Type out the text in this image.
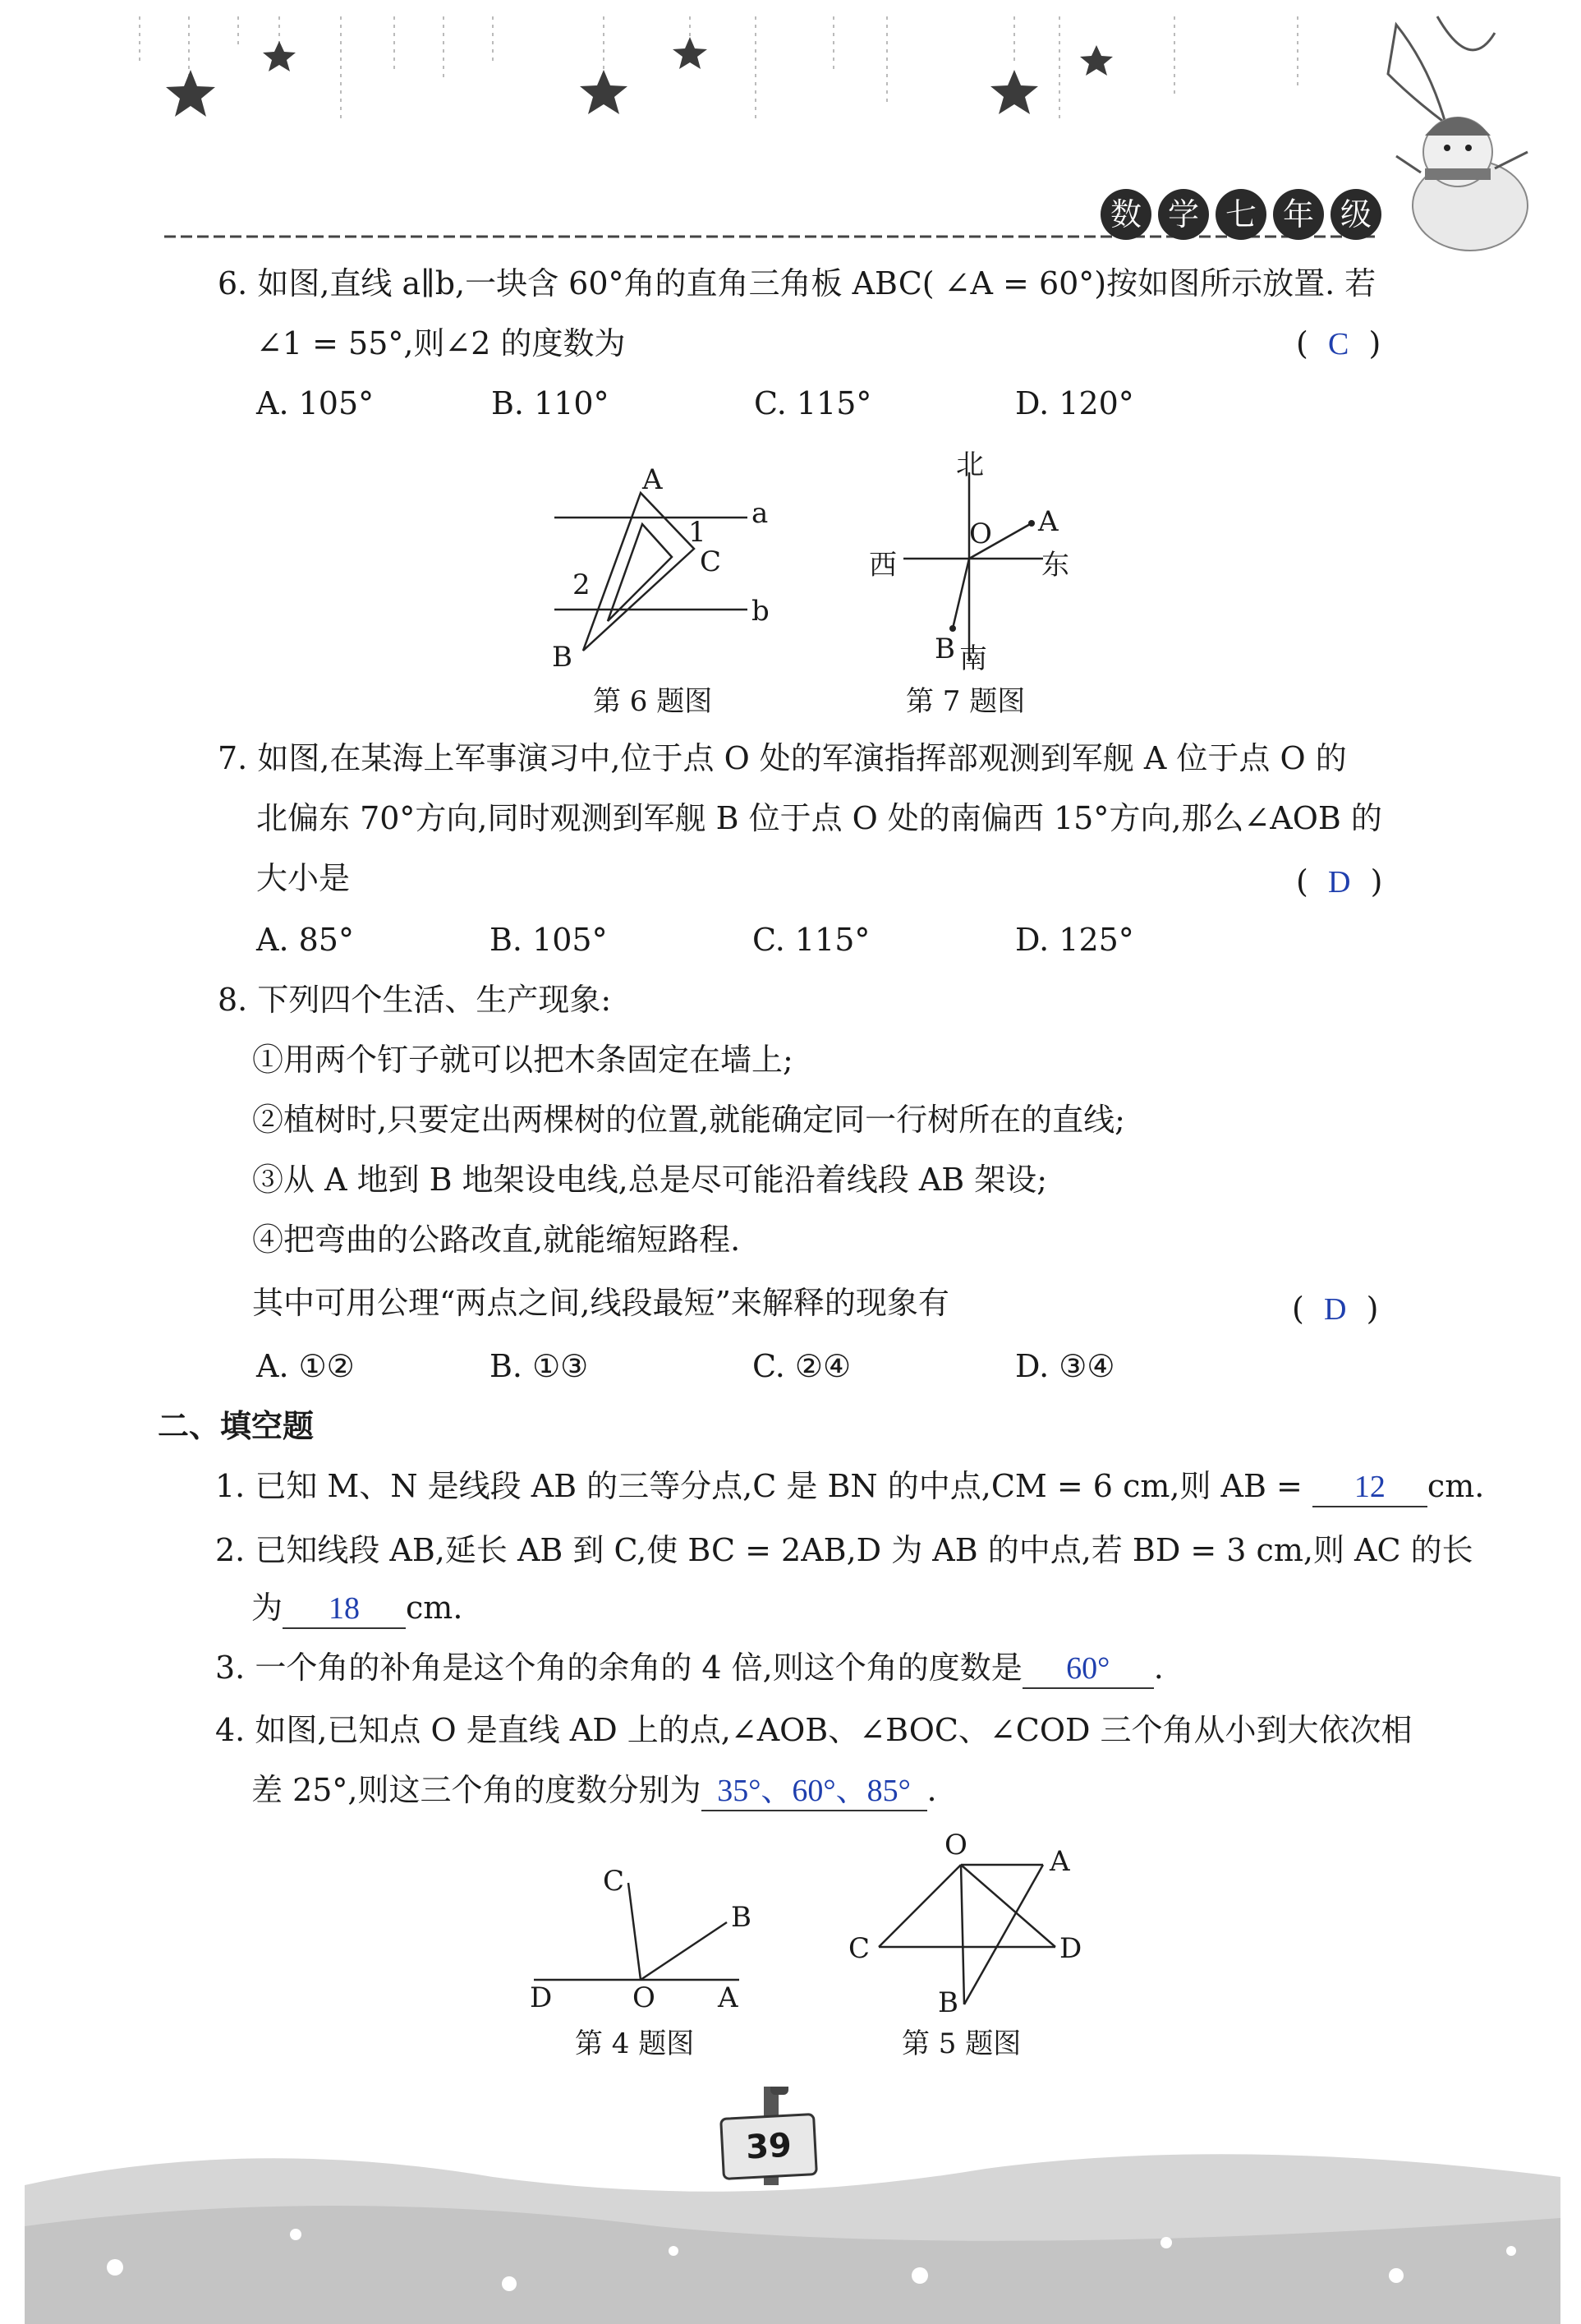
数 学 七 年 级
6. 如图,直线 a∥b,一块含 60°角的直角三角板 ABC( ∠A = 60°)按如图所示放置. 若
∠1 = 55°,则∠2 的度数为	(  C  )
A. 105°	B. 110°	C. 115°	D. 120°
A
1
a
C
2
b
B
第 6 题图
北
O A
西	东
B 南
第 7 题图
7. 如图,在某海上军事演习中,位于点 O 处的军演指挥部观测到军舰 A 位于点 O 的
北偏东 70°方向,同时观测到军舰 B 位于点 O 处的南偏西 15°方向,那么∠AOB 的
大小是	(  D  )
A. 85°	B. 105°	C. 115°	D. 125°
8. 下列四个生活、生产现象:
①用两个钉子就可以把木条固定在墙上;
②植树时,只要定出两棵树的位置,就能确定同一行树所在的直线;
③从 A 地到 B 地架设电线,总是尽可能沿着线段 AB 架设;
④把弯曲的公路改直,就能缩短路程.
其中可用公理“两点之间,线段最短”来解释的现象有	(  D  )
A. ①②	B. ①③	C. ②④	D. ③④
二、填空题
1. 已知 M、N 是线段 AB 的三等分点,C 是 BN 的中点,CM = 6 cm,则 AB = 12 cm.
2. 已知线段 AB,延长 AB 到 C,使 BC = 2AB,D 为 AB 的中点,若 BD = 3 cm,则 AC 的长
为 18 cm.
3. 一个角的补角是这个角的余角的 4 倍,则这个角的度数是 60° .
4. 如图,已知点 O 是直线 AD 上的点,∠AOB、∠BOC、∠COD 三个角从小到大依次相
差 25°,则这三个角的度数分别为 35°、60°、85° .
C
B
D	O A
第 4 题图
O	A
C	D
B
第 5 题图
39
